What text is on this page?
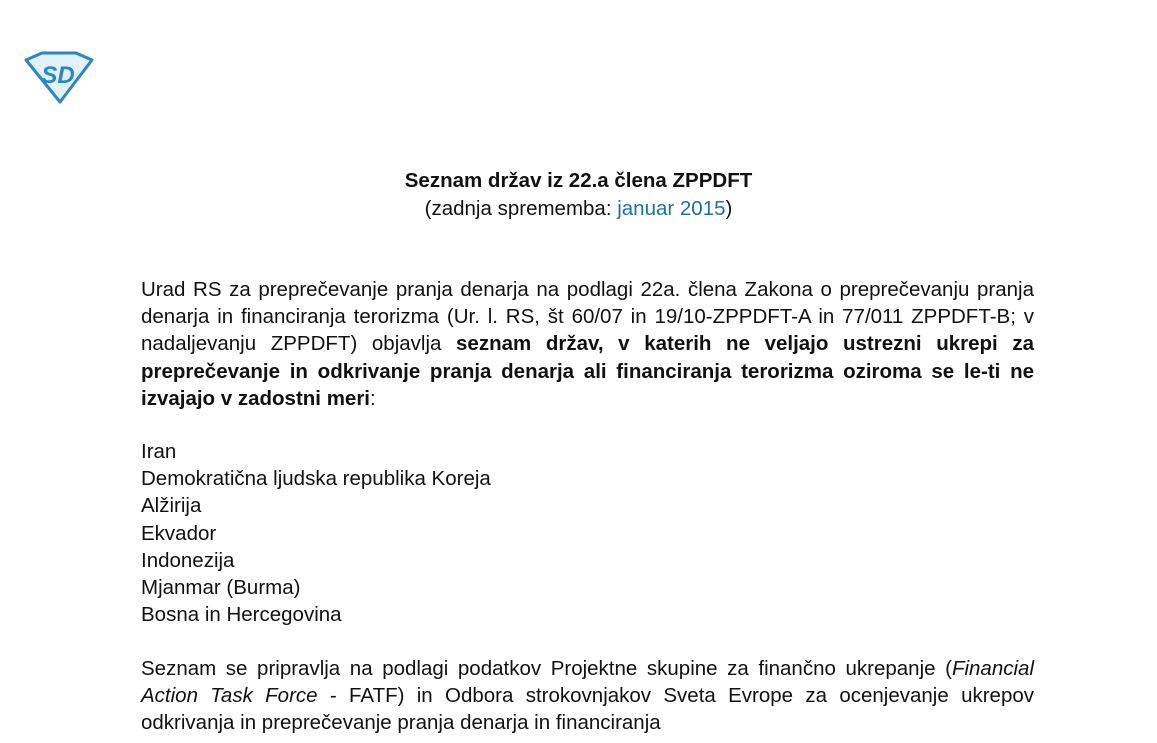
SD
Seznam držav iz 22.a člena ZPPDFT
(zadnja sprememba: januar 2015)
Urad RS za preprečevanje pranja denarja na podlagi 22a. člena Zakona o preprečevanju pranja denarja in financiranja terorizma (Ur. l. RS, št 60/07 in 19/10-ZPPDFT-A in 77/011 ZPPDFT-B; v nadaljevanju ZPPDFT) objavlja seznam držav, v katerih ne veljajo ustrezni ukrepi za preprečevanje in odkrivanje pranja denarja ali financiranja terorizma oziroma se le-ti ne izvajajo v zadostni meri:
Iran
Demokratična ljudska republika Koreja
Alžirija
Ekvador
Indonezija
Mjanmar (Burma)
Bosna in Hercegovina
Seznam se pripravlja na podlagi podatkov Projektne skupine za finančno ukrepanje (Financial Action Task Force - FATF) in Odbora strokovnjakov Sveta Evrope za ocenjevanje ukrepov odkrivanja in preprečevanje pranja denarja in financiranja
